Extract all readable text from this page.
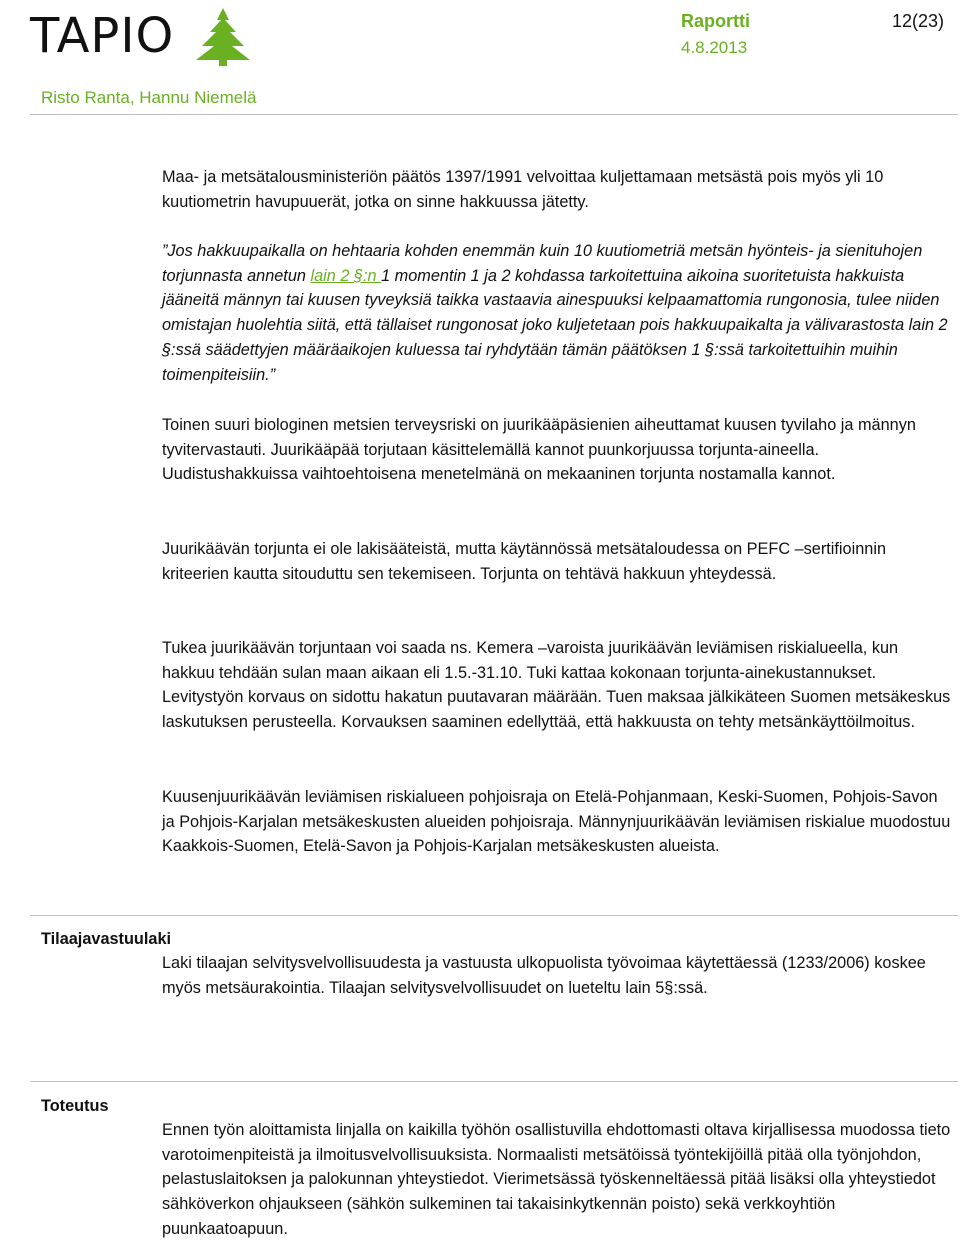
TAPIO	Raportti
4.8.2013
12(23)
Risto Ranta, Hannu Niemelä

Maa- ja metsätalousministeriön päätös 1397/1991 velvoittaa kuljettamaan metsästä pois myös yli 10 kuutiometrin havupuuerät, jotka on sinne hakkuussa jätetty.

”Jos hakkuupaikalla on hehtaaria kohden enemmän kuin 10 kuutiometriä metsän hyönteis- ja sienituhojen torjunnasta annetun lain 2 §:n 1 momentin 1 ja 2 kohdassa tarkoitettuina aikoina suoritetuista hakkuista jääneitä männyn tai kuusen tyveyksiä taikka vastaavia ainespuuksi kelpaamattomia rungonosia, tulee niiden omistajan huolehtia siitä, että tällaiset rungonosat joko kuljetetaan pois hakkuupaikalta ja välivarastosta lain 2 §:ssä säädettyjen määräaikojen kuluessa tai ryhdytään tämän päätöksen 1 §:ssä tarkoitettuihin muihin toimenpiteisiin.”

Toinen suuri biologinen metsien terveysriski on juurikääpäsienien aiheuttamat kuusen tyvilaho ja männyn tyvitervastauti. Juurikääpää torjutaan käsittelemällä kannot puunkorjuussa torjunta-aineella. Uudistushakkuissa vaihtoehtoisena menetelmänä on mekaaninen torjunta nostamalla kannot.

Juurikäävän torjunta ei ole lakisääteistä, mutta käytännössä metsätaloudessa on PEFC –sertifioinnin kriteerien kautta sitouduttu sen tekemiseen. Torjunta on tehtävä hakkuun yhteydessä.

Tukea juurikäävän torjuntaan voi saada ns. Kemera –varoista juurikäävän leviämisen riskialueella, kun hakkuu tehdään sulan maan aikaan eli 1.5.-31.10. Tuki kattaa kokonaan torjunta-ainekustannukset. Levitystyön korvaus on sidottu hakatun puutavaran määrään. Tuen maksaa jälkikäteen Suomen metsäkeskus laskutuksen perusteella. Korvauksen saaminen edellyttää, että hakkuusta on tehty metsänkäyttöilmoitus.

Kuusenjuurikäävän leviämisen riskialueen pohjoisraja on Etelä-Pohjanmaan, Keski-Suomen, Pohjois-Savon ja Pohjois-Karjalan metsäkeskusten alueiden pohjoisraja. Männynjuurikäävän leviämisen riskialue muodostuu Kaakkois-Suomen, Etelä-Savon ja Pohjois-Karjalan metsäkeskusten alueista.

Tilaajavastuulaki

Laki tilaajan selvitysvelvollisuudesta ja vastuusta ulkopuolista työvoimaa käytettäessä (1233/2006) koskee myös metsäurakointia. Tilaajan selvitysvelvollisuudet on lueteltu lain 5§:ssä.

Toteutus

Ennen työn aloittamista linjalla on kaikilla työhön osallistuvilla ehdottomasti oltava kirjallisessa muodossa tieto varotoimenpiteistä ja ilmoitusvelvollisuuksista. Normaalisti metsätöissä työntekijöillä pitää olla työnjohdon, pelastuslaitoksen ja palokunnan yhteystiedot. Vierimetsässä työskenneltäessä pitää lisäksi olla yhteystiedot sähköverkon ohjaukseen (sähkön sulkeminen tai takaisinkytkennän poisto) sekä verkkoyhtiön puunkaatoapuun.
